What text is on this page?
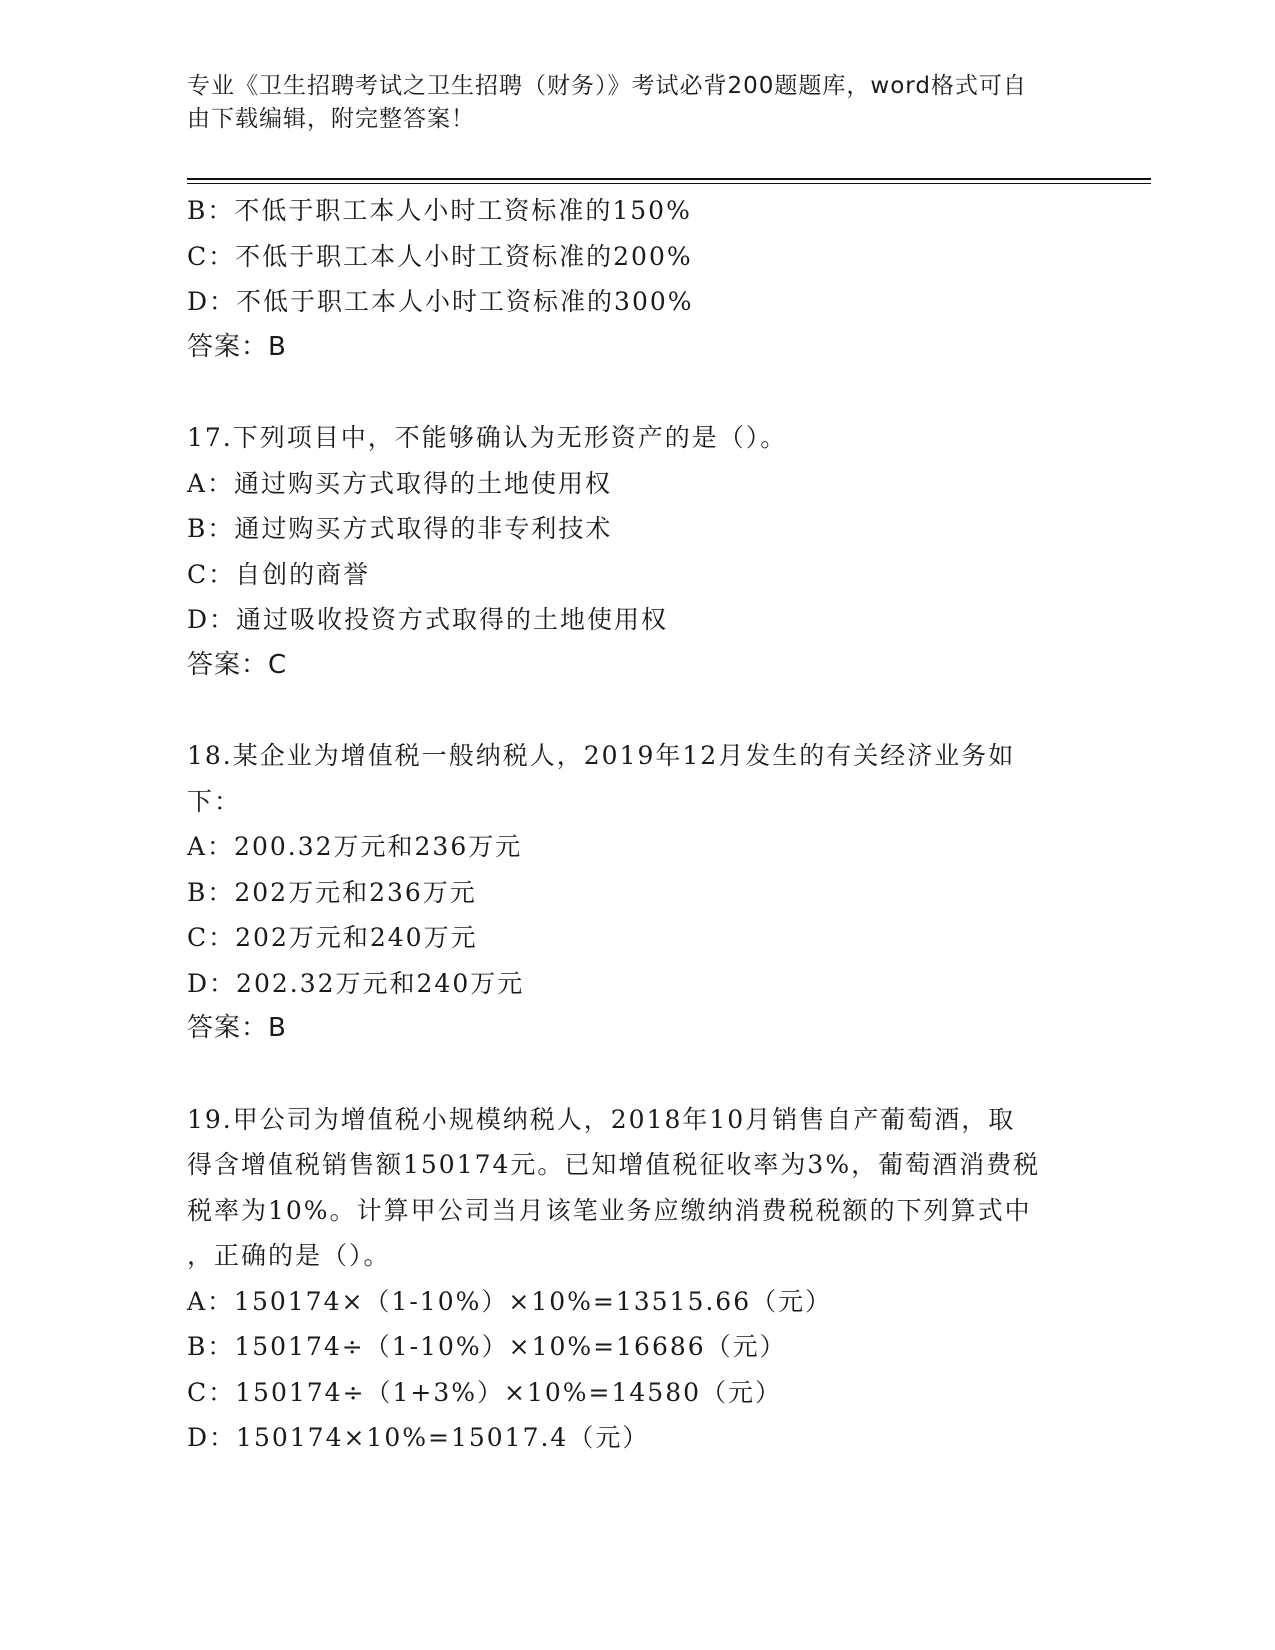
专业《卫生招聘考试之卫生招聘（财务）》考试必背200题题库，word格式可自
由下载编辑，附完整答案！
B：不低于职工本人小时工资标准的150%
C：不低于职工本人小时工资标准的200%
D：不低于职工本人小时工资标准的300%
答案：B
17.下列项目中，不能够确认为无形资产的是（）。
A：通过购买方式取得的土地使用权
B：通过购买方式取得的非专利技术
C：自创的商誉
D：通过吸收投资方式取得的土地使用权
答案：C
18.某企业为增值税一般纳税人，2019年12月发生的有关经济业务如
下：
A：200.32万元和236万元
B：202万元和236万元
C：202万元和240万元
D：202.32万元和240万元
答案：B
19.甲公司为增值税小规模纳税人，2018年10月销售自产葡萄酒，取
得含增值税销售额150174元。已知增值税征收率为3%，葡萄酒消费税
税率为10%。计算甲公司当月该笔业务应缴纳消费税税额的下列算式中
，正确的是（）。
A：150174×（1-10%）×10%=13515.66（元）
B：150174÷（1-10%）×10%=16686（元）
C：150174÷（1+3%）×10%=14580（元）
D：150174×10%=15017.4（元）
